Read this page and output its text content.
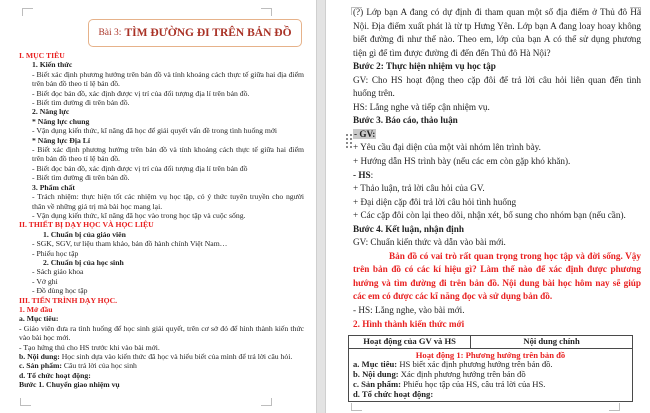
Bài 3: TÌM ĐƯỜNG ĐI TRÊN BẢN ĐỒ
I. MỤC TIÊU
1. Kiến thức
- Biết xác định phương hướng trên bản đồ và tính khoảng cách thực tế giữa hai địa điểm trên bản đồ theo tỉ lệ bản đồ.
- Biết đọc bản đồ, xác định được vị trí của đối tượng địa lí trên bản đồ.
- Biết tìm đường đi trên bản đồ.
2. Năng lực
* Năng lực chung
- Vận dụng kiến thức, kĩ năng đã học để giải quyết vấn đề trong tình huống mới
* Năng lực Địa Lí
- Biết xác định phương hướng trên bản đồ và tính khoảng cách thực tế giữa hai điểm trên bản đồ theo tỉ lệ bản đồ.
- Biết đọc bản đồ, xác định được vị trí của đối tượng địa lí trên bản đồ
- Biết tìm đường đi trên bản đồ.
3. Phẩm chất
- Trách nhiệm: thực hiện tốt các nhiệm vụ học tập, có ý thức tuyên truyền cho người thân về những giá trị mà bài học mang lại.
- Vận dụng kiến thức, kĩ năng đã học vào trong học tập và cuộc sống.
II. THIẾT BỊ DẠY HỌC VÀ HỌC LIỆU
1. Chuẩn bị của giáo viên
- SGK, SGV, tư liệu tham khảo, bản đồ hành chính Việt Nam…
- Phiếu học tập
2. Chuẩn bị của học sinh
- Sách giáo khoa
- Vở ghi
- Đồ dùng học tập
III. TIẾN TRÌNH DẠY HỌC.
1. Mở đầu
a. Mục tiêu:
- Giáo viên đưa ra tình huống để học sinh giải quyết, trên cơ sở đó để hình thành kiến thức vào bài học mới.
- Tạo hứng thú cho HS trước khi vào bài mới.
b. Nội dung: Học sinh dựa vào kiến thức đã học và hiểu biết của mình để trả lời câu hỏi.
c. Sản phẩm: Câu trả lời của học sinh
d. Tổ chức hoạt động:
Bước 1. Chuyển giao nhiệm vụ
(?) Lớp bạn A đang có dự định đi tham quan một số địa điểm ở Thủ đô Hà Nội. Địa điểm xuất phát là từ tp Hưng Yên. Lớp bạn A đang loay hoay không biết đường đi như thế nào. Theo em, lớp của bạn A có thể sử dụng phương tiện gì để tìm được đường đi đến đến Thủ đô Hà Nội?
Bước 2: Thực hiện nhiệm vụ học tập
GV: Cho HS hoạt động theo cặp đôi để trả lời câu hỏi liên quan đến tình huống trên.
HS: Lắng nghe và tiếp cận nhiệm vụ.
Bước 3. Báo cáo, thảo luận
- GV:
+ Yêu cầu đại diện của một vài nhóm lên trình bày.
+ Hướng dẫn HS trình bày (nếu các em còn gặp khó khăn).
- HS:
+ Thảo luận, trả lời câu hỏi của GV.
+ Đại diện cặp đôi trả lời câu hỏi tình huống
+ Các cặp đôi còn lại theo dõi, nhận xét, bổ sung cho nhóm bạn (nếu cần).
Bước 4. Kết luận, nhận định
GV: Chuẩn kiến thức và dẫn vào bài mới.
Bản đồ có vai trò rất quan trọng trong học tập và đời sống. Vậy trên bản đồ có các kí hiệu gì? Làm thế nào để xác định được phương hướng và tìm đường đi trên bản đồ. Nội dung bài học hôm nay sẽ giúp các em có được các kĩ năng đọc và sử dụng bản đồ.
- HS: Lắng nghe, vào bài mới.
2. Hình thành kiến thức mới
Hoạt động của GV và HS	Nội dung chính

Hoạt động 1: Phương hướng trên bản đồ
a. Mục tiêu: HS biết xác định phương hướng trên bản đồ.
b. Nội dung: Xác định phương hướng trên bản đồ
c. Sản phẩm: Phiếu học tập của HS, câu trả lời của HS.
d. Tổ chức hoạt động:
